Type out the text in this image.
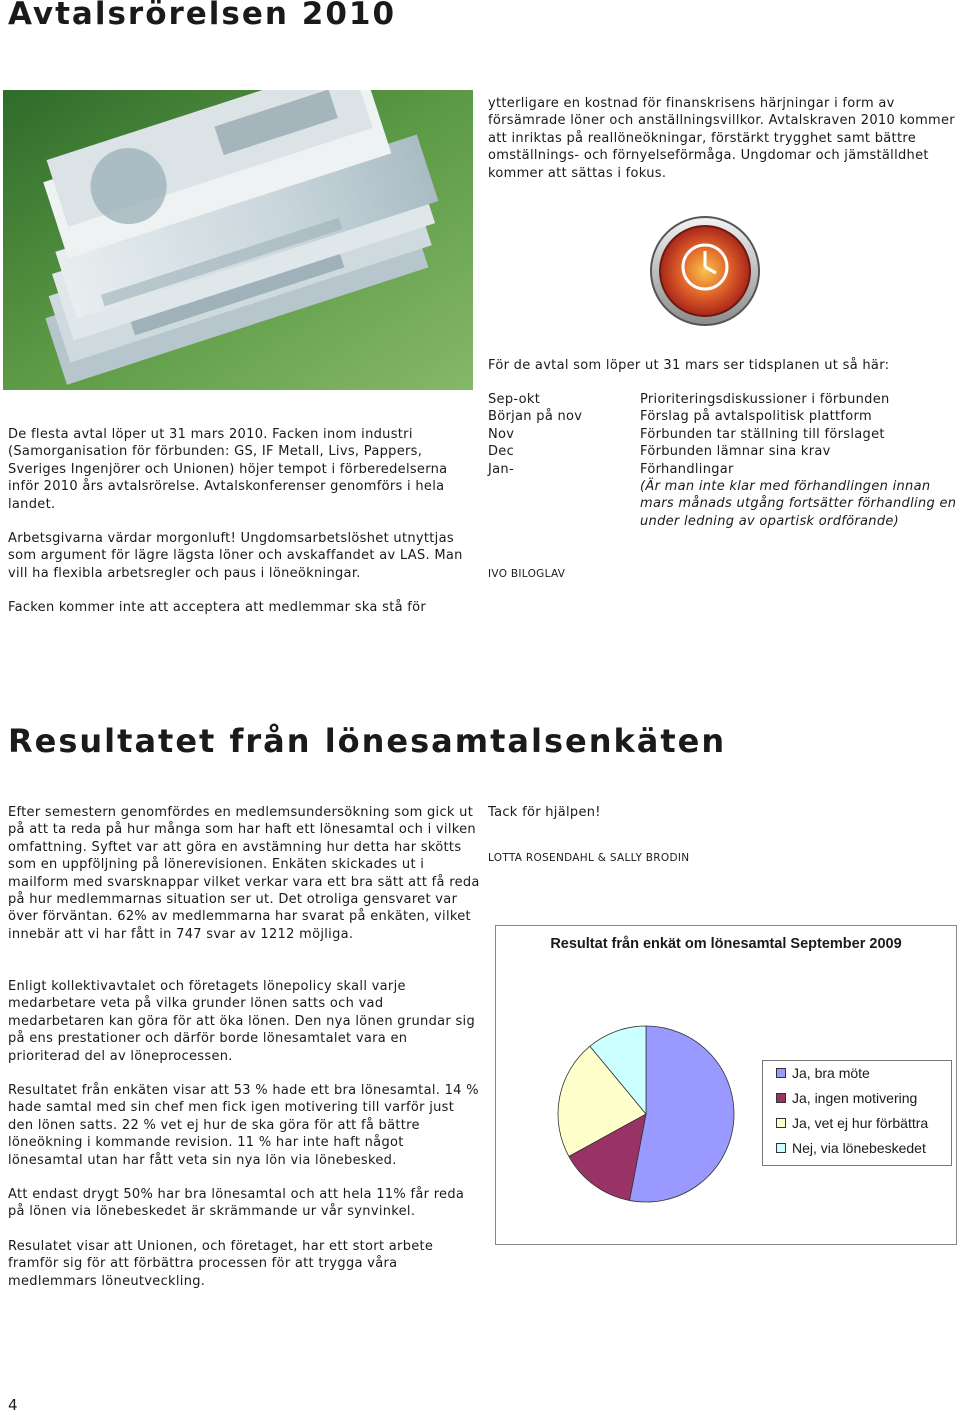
Avtalsrörelsen 2010

ytterligare en kostnad för finanskrisens härjningar i form av försämrade löner och anställningsvillkor. Avtalskraven 2010 kommer att inriktas på reallöneökningar, förstärkt trygghet samt bättre omställnings- och förnyelseförmåga. Ungdomar och jämställdhet kommer att sättas i fokus.

För de avtal som löper ut 31 mars ser tidsplanen ut så här:

Sep-okt	Prioriteringsdiskussioner i förbunden
Början på nov	Förslag på avtalspolitisk plattform
Nov	Förbunden tar ställning till förslaget
Dec	Förbunden lämnar sina krav
Jan-	Förhandlingar
(Är man inte klar med förhandlingen innan mars månads utgång fortsätter förhandling en under ledning av opartisk ordförande)
IVO BILOGLAV

De flesta avtal löper ut 31 mars 2010. Facken inom industri (Samorganisation för förbunden: GS, IF Metall, Livs, Pappers, Sveriges Ingenjörer och Unionen) höjer tempot i förberedelserna inför 2010 års avtalsrörelse. Avtalskonferenser genomförs i hela landet.

Arbetsgivarna värdar morgonluft! Ungdomsarbetslöshet utnyttjas som argument för lägre lägsta löner och avskaffandet av LAS. Man vill ha flexibla arbetsregler och paus i löneökningar.

Facken kommer inte att acceptera att medlemmar ska stå för

Resultatet från lönesamtalsenkäten

Efter semestern genomfördes en medlemsundersökning som gick ut på att ta reda på hur många som har haft ett lönesamtal och i vilken omfattning. Syftet var att göra en avstämning hur detta har skötts som en uppföljning på lönerevisionen. Enkäten skickades ut i mailform med svarsknappar vilket verkar vara ett bra sätt att få reda på hur medlemmarnas situation ser ut. Det otroliga gensvaret var över förväntan. 62% av medlemmarna har svarat på enkäten, vilket innebär att vi har fått in 747 svar av 1212 möjliga.

Enligt kollektivavtalet och företagets lönepolicy skall varje medarbetare veta på vilka grunder lönen satts och vad medarbetaren kan göra för att öka lönen. Den nya lönen grundar sig på ens prestationer och därför borde lönesamtalet vara en prioriterad del av löneprocessen.

Resultatet från enkäten visar att 53 % hade ett bra lönesamtal. 14 % hade samtal med sin chef men fick igen motivering till varför just den lönen satts. 22 % vet ej hur de ska göra för att få bättre löneökning i kommande revision. 11 % har inte haft något lönesamtal utan har fått veta sin nya lön via lönebesked.

Att endast drygt 50% har bra lönesamtal och att hela 11% får reda på lönen via lönebeskedet är skrämmande ur vår synvinkel.

Resulatet visar att Unionen, och företaget, har ett stort arbete framför sig för att förbättra processen för att trygga våra medlemmars löneutveckling.

Tack för hjälpen!

LOTTA ROSENDAHL & SALLY BRODIN
Resultat från enkät om lönesamtal September 2009
Ja, bra möte
Ja, ingen motivering
Ja, vet ej hur förbättra
Nej, via lönebeskedet
4
